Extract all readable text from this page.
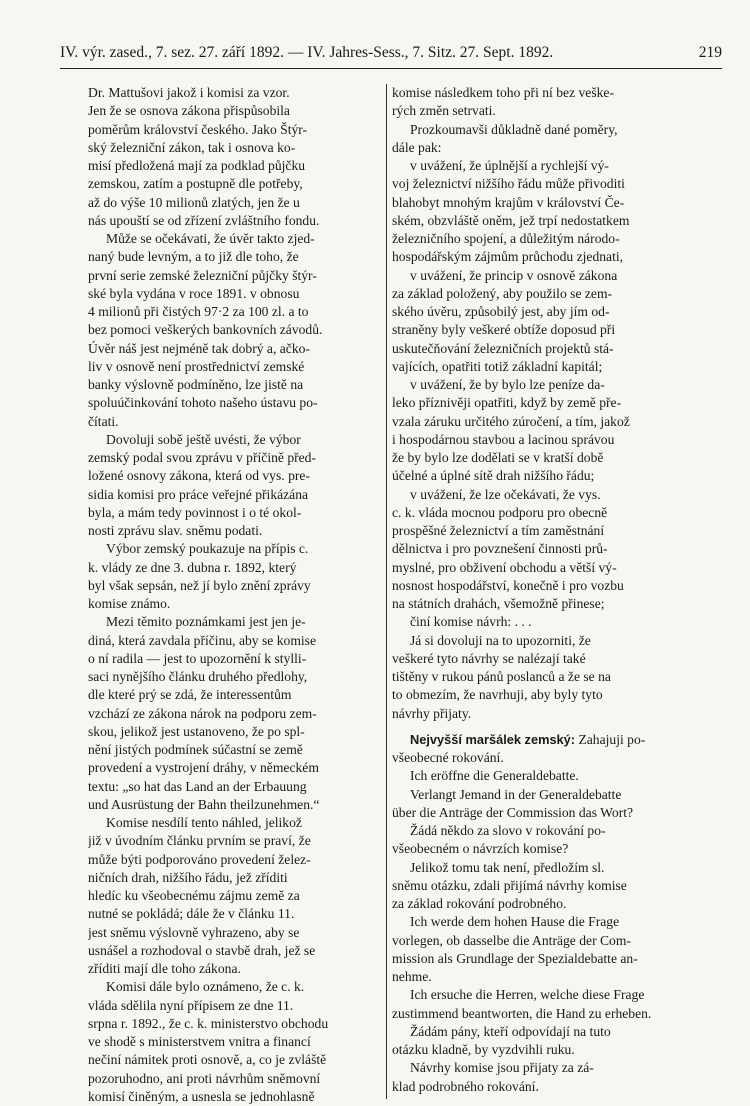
IV. výr. zased., 7. sez. 27. září 1892. — IV. Jahres-Sess., 7. Sitz. 27. Sept. 1892.	219
Dr. Mattušovi jakož i komisi za vzor.
Jen že se osnova zákona přispůsobila
poměrům království českého. Jako Štýr-
ský železniční zákon, tak i osnova ko-
misí předložená mají za podklad půjčku
zemskou, zatím a postupně dle potřeby,
až do výše 10 milionů zlatých, jen že u
nás upouští se od zřízení zvláštního fondu.
Může se očekávati, že úvěr takto zjed-
naný bude levným, a to již dle toho, že
první serie zemské železniční půjčky štýr-
ské byla vydána v roce 1891. v obnosu
4 milionů při čistých 97·2 za 100 zl. a to
bez pomoci veškerých bankovních závodů.
Úvěr náš jest nejméně tak dobrý a, ačko-
liv v osnově není prostřednictví zemské
banky výslovně podmíněno, lze jistě na
spoluúčinkování tohoto našeho ústavu po-
čítati.
Dovoluji sobě ještě uvésti, že výbor
zemský podal svou zprávu v příčině před-
ložené osnovy zákona, která od vys. pre-
sidia komisi pro práce veřejné přikázána
byla, a mám tedy povinnost i o té okol-
nosti zprávu slav. sněmu podati.
Výbor zemský poukazuje na přípis c.
k. vlády ze dne 3. dubna r. 1892, který
byl však sepsán, než jí bylo znění zprávy
komise známo.
Mezi těmito poznámkami jest jen je-
diná, která zavdala příčinu, aby se komise
o ní radila — jest to upozornění k stylli-
saci nynějšího článku druhého předlohy,
dle které prý se zdá, že interessentům
vzchází ze zákona nárok na podporu zem-
skou, jelikož jest ustanoveno, že po spl-
nění jistých podmínek súčastní se země
provedení a vystrojení dráhy, v německém
textu: „so hat das Land an der Erbauung
und Ausrüstung der Bahn theilzunehmen.“
Komise nesdílí tento náhled, jelikož
již v úvodním článku prvním se praví, že
může býti podporováno provedení želez-
ničních drah, nižšího řádu, jež zříditi
hledíc ku všeobecnému zájmu země za
nutné se pokládá; dále že v článku 11.
jest sněmu výslovně vyhrazeno, aby se
usnášel a rozhodoval o stavbě drah, jež se
zříditi mají dle toho zákona.
Komisi dále bylo oznámeno, že c. k.
vláda sdělila nyní přípisem ze dne 11.
srpna r. 1892., že c. k. ministerstvo obchodu
ve shodě s ministerstvem vnitra a financí
nečiní námitek proti osnově, a, co je zvláště
pozoruhodno, ani proti návrhům sněmovní
komisí činěným, a usnesla se jednohlasně
komise následkem toho při ní bez veške-
rých změn setrvati.
Prozkoumavši důkladně dané poměry,
dále pak:
v uvážení, že úplnější a rychlejší vý-
voj železnictví nižšího řádu může přivoditi
blahobyt mnohým krajům v království Če-
ském, obzvláště oněm, jež trpí nedostatkem
železničního spojení, a důležitým národo-
hospodářským zájmům průchodu zjednati,
v uvážení, že princip v osnově zákona
za základ položený, aby použilo se zem-
ského úvěru, způsobilý jest, aby jím od-
straněny byly veškeré obtíže doposud při
uskutečňování železničních projektů stá-
vajících, opatřiti totiž základní kapitál;
v uvážení, že by bylo lze peníze da-
leko příznivěji opatřiti, když by země pře-
vzala záruku určitého zúročení, a tím, jakož
i hospodárnou stavbou a lacinou správou
že by bylo lze dodělati se v kratší době
účelné a úplné sítě drah nižšího řádu;
v uvážení, že lze očekávati, že vys.
c. k. vláda mocnou podporu pro obecně
prospěšné železnictví a tím zaměstnání
dělnictva i pro povznešení činnosti prů-
myslné, pro obživení obchodu a větší vý-
nosnost hospodářství, konečně i pro vozbu
na státních drahách, všemožně přinese;
činí komise návrh: . . .
Já si dovoluji na to upozorniti, že
veškeré tyto návrhy se nalézají také
tištěny v rukou pánů poslanců a že se na
to obmezím, že navrhuji, aby byly tyto
návrhy přijaty.
Nejvyšší maršálek zemský: Zahajuji po-
všeobecné rokování.
Ich eröffne die Generaldebatte.
Verlangt Jemand in der Generaldebatte
über die Anträge der Commission das Wort?
Žádá někdo za slovo v rokování po-
všeobecném o návrzích komise?
Jelikož tomu tak není, předložím sl.
sněmu otázku, zdali přijímá návrhy komise
za základ rokování podrobného.
Ich werde dem hohen Hause die Frage
vorlegen, ob dasselbe die Anträge der Com-
mission als Grundlage der Spezialdebatte an-
nehme.
Ich ersuche die Herren, welche diese Frage
zustimmend beantworten, die Hand zu erheben.
Žádám pány, kteří odpovídají na tuto
otázku kladně, by vyzdvihli ruku.
Návrhy komise jsou přijaty za zá-
klad podrobného rokování.
